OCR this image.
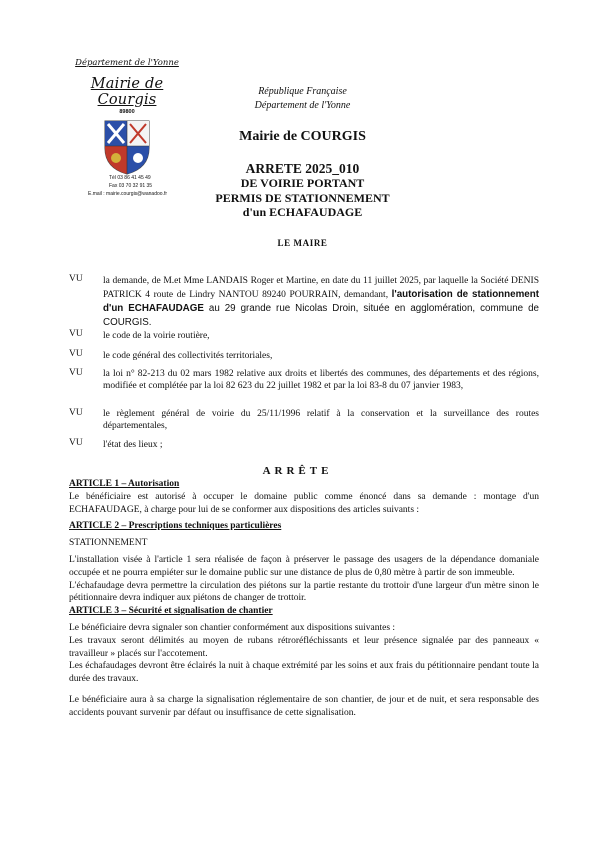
Département de l'Yonne
Mairie de Courgis
89800
Tél 03 86 41 45 49
Fax 03 70 32 91 35
E.mail : mairie.courgis@wanadoo.fr
République Française
Département de l'Yonne
Mairie de COURGIS
ARRETE 2025_010
DE VOIRIE PORTANT
PERMIS DE STATIONNEMENT
d'un ECHAFAUDAGE
LE MAIRE
VU	la demande, de M.et Mme LANDAIS Roger et Martine, en date du 11 juillet 2025, par laquelle la Société DENIS PATRICK 4 route de Lindry NANTOU 89240 POURRAIN, demandant, l'autorisation de stationnement d'un ECHAFAUDAGE au 29 grande rue Nicolas Droin, située en agglomération, commune de COURGIS.
VU	le code de la voirie routière,
VU	le code général des collectivités territoriales,
VU	la loi n° 82-213 du 02 mars 1982 relative aux droits et libertés des communes, des départements et des régions, modifiée et complétée par la loi 82 623 du 22 juillet 1982 et par la loi 83-8 du 07 janvier 1983,
VU	le règlement général de voirie du 25/11/1996 relatif à la conservation et la surveillance des routes départementales,
VU	l'état des lieux ;
ARRÊTE
ARTICLE 1 – Autorisation
Le bénéficiaire est autorisé à occuper le domaine public comme énoncé dans sa demande : montage d'un ECHAFAUDAGE, à charge pour lui de se conformer aux dispositions des articles suivants :
ARTICLE 2 – Prescriptions techniques particulières
STATIONNEMENT
L'installation visée à l'article 1 sera réalisée de façon à préserver le passage des usagers de la dépendance domaniale occupée et ne pourra empiéter sur le domaine public sur une distance de plus de 0,80 mètre à partir de son immeuble.
L'échafaudage devra permettre la circulation des piétons sur la partie restante du trottoir d'une largeur d'un mètre sinon le pétitionnaire devra indiquer aux piétons de changer de trottoir.
ARTICLE 3 – Sécurité et signalisation de chantier
Le bénéficiaire devra signaler son chantier conformément aux dispositions suivantes :
Les travaux seront délimités au moyen de rubans rétroréfléchissants et leur présence signalée par des panneaux « travailleur » placés sur l'accotement.
Les échafaudages devront être éclairés la nuit à chaque extrémité par les soins et aux frais du pétitionnaire pendant toute la durée des travaux.
Le bénéficiaire aura à sa charge la signalisation réglementaire de son chantier, de jour et de nuit, et sera responsable des accidents pouvant survenir par défaut ou insuffisance de cette signalisation.
